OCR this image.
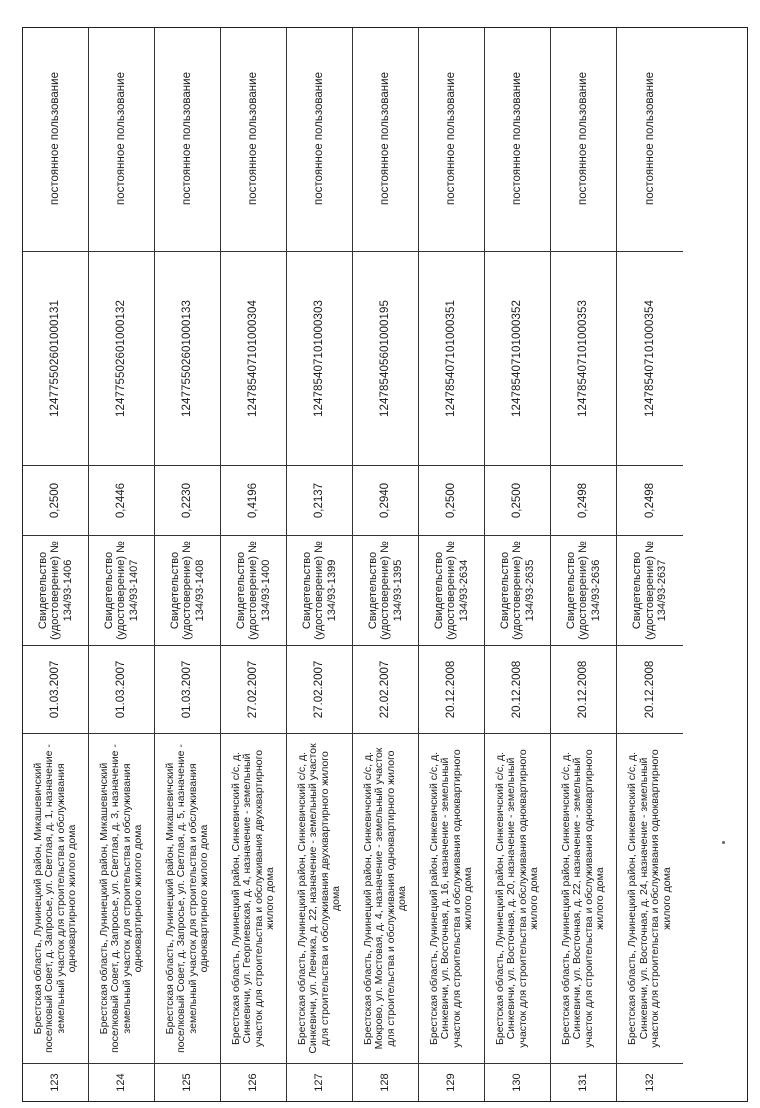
123
Брестская область, Лунинецкий район, Микашевичский поселковый Совет, д. Запросье, ул. Светлая, д. 1, назначение - земельный участок для строительства и обслуживания одноквартирного жилого дома
01.03.2007
Свидетельство (удостоверение) № 134/93-1406
0,2500
124775502601000131
постоянное пользование
124
Брестская область, Лунинецкий район, Микашевичский поселковый Совет, д. Запросье, ул. Светлая, д. 3, назначение - земельный участок для строительства и обслуживания одноквартирного жилого дома
01.03.2007
Свидетельство (удостоверение) № 134/93-1407
0,2446
124775502601000132
постоянное пользование
125
Брестская область, Лунинецкий район, Микашевичский поселковый Совет, д. Запросье, ул. Светлая, д. 5, назначение - земельный участок для строительства и обслуживания одноквартирного жилого дома
01.03.2007
Свидетельство (удостоверение) № 134/93-1408
0,2230
124775502601000133
постоянное пользование
126
Брестская область, Лунинецкий район, Синкевичский с/с, д. Синкевичи, ул. Георгиевская, д. 4, назначение - земельный участок для строительства и обслуживания двухквартирного жилого дома
27.02.2007
Свидетельство (удостоверение) № 134/93-1400
0,4196
124785407101000304
постоянное пользование
127
Брестская область, Лунинецкий район, Синкевичский с/с, д. Синкевичи, ул. Левчика, д. 22, назначение - земельный участок для строительства и обслуживания двухквартирного жилого дома
27.02.2007
Свидетельство (удостоверение) № 134/93-1399
0,2137
124785407101000303
постоянное пользование
128
Брестская область, Лунинецкий район, Синкевичский с/с, д. Мокрово, ул. Мостовая, д. 4, назначение - земельный участок для строительства и обслуживания одноквартирного жилого дома
22.02.2007
Свидетельство (удостоверение) № 134/93-1395
0,2940
124785405601000195
постоянное пользование
129
Брестская область, Лунинецкий район, Синкевичский с/с, д. Синкевичи, ул. Восточная, д. 16, назначение - земельный участок для строительства и обслуживания одноквартирного жилого дома
20.12.2008
Свидетельство (удостоверение) № 134/93-2634
0,2500
124785407101000351
постоянное пользование
130
Брестская область, Лунинецкий район, Синкевичский с/с, д. Синкевичи, ул. Восточная, д. 20, назначение - земельный участок для строительства и обслуживания одноквартирного жилого дома
20.12.2008
Свидетельство (удостоверение) № 134/93-2635
0,2500
124785407101000352
постоянное пользование
131
Брестская область, Лунинецкий район, Синкевичский с/с, д. Синкевичи, ул. Восточная, д. 22, назначение - земельный участок для строительства и обслуживания одноквартирного жилого дома
20.12.2008
Свидетельство (удостоверение) № 134/93-2636
0,2498
124785407101000353
постоянное пользование
132
Брестская область, Лунинецкий район, Синкевичский с/с, д. Синкевичи, ул. Восточная, д. 24, назначение - земельный участок для строительства и обслуживания одноквартирного жилого дома
20.12.2008
Свидетельство (удостоверение) № 134/93-2637
0,2498
124785407101000354
постоянное пользование
